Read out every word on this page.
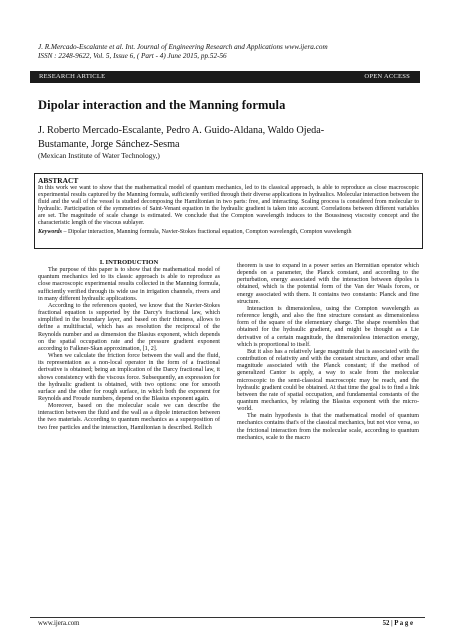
J. R.Mercado-Escalante et al. Int. Journal of Engineering Research and Applications www.ijera.com
ISSN : 2248-9622, Vol. 5, Issue 6, ( Part - 4) June 2015, pp.52-56
RESEARCH ARTICLE	OPEN ACCESS
Dipolar interaction and the Manning formula
J. Roberto Mercado-Escalante, Pedro A. Guido-Aldana, Waldo Ojeda-
Bustamante, Jorge Sánchez-Sesma
(Mexican Institute of Water Technology,)
ABSTRACT
In this work we want to show that the mathematical model of quantum mechanics, led to its classical approach, is able to reproduce as close macroscopic experimental results captured by the Manning formula, sufficiently verified through their diverse applications in hydraulics. Molecular interaction between the fluid and the wall of the vessel is studied decomposing the Hamiltonian in two parts: free, and interacting. Scaling process is considered from molecular to hydraulic. Participation of the symmetries of Saint-Venant equation in the hydraulic gradient is taken into account. Correlations between different variables are set. The magnitude of scale change is estimated. We conclude that the Compton wavelength induces to the Boussinesq viscosity concept and the characteristic length of the viscous sublayer.
Keywords – Dipolar interaction, Manning formula, Navier-Stokes fractional equation, Compton wavelength, Compton wavelength
I. INTRODUCTION

The purpose of this paper is to show that the mathematical model of quantum mechanics led to its classic approach is able to reproduce as close macroscopic experimental results collected in the Manning formula, sufficiently verified through its wide use in irrigation channels, rivers and in many different hydraulic applications.

According to the references quoted, we know that the Navier-Stokes fractional equation is supported by the Darcy's fractional law, which simplified in the boundary layer, and based on their thinness, allows to define a multifractal, which has as resolution the reciprocal of the Reynolds number and as dimension the Blasius exponent, which depends on the spatial occupation rate and the pressure gradient exponent according to Falkner-Skan approximation, [1, 2].

When we calculate the friction force between the wall and the fluid, its representation as a non-local operator in the form of a fractional derivative is obtained; being an implication of the Darcy fractional law, it shows consistency with the viscous force. Subsequently, an expression for the hydraulic gradient is obtained, with two options: one for smooth surface and the other for rough surface, in which both the exponent for Reynolds and Froude numbers, depend on the Blasius exponent again.

Moreover, based on the molecular scale we can describe the interaction between the fluid and the wall as a dipole interaction between the two materials. According to quantum mechanics as a superposition of two free particles and the interaction, Hamiltonian is described. Rellich

theorem is use to expand in a power series an Hermitian operator which depends on a parameter, the Planck constant, and according to the perturbation, energy associated with the interaction between dipoles is obtained, which is the potential form of the Van der Waals forces, or energy associated with them. It contains two constants: Planck and fine structure.

Interaction is dimensionless, using the Compton wavelength as reference length, and also the fine structure constant as dimensionless form of the square of the elementary charge. The shape resembles that obtained for the hydraulic gradient, and might be thought as a Lie derivative of a certain magnitude, the dimensionless interaction energy, which is proportional to itself.

But it also has a relatively large magnitude that is associated with the contribution of relativity and with the constant structure, and other small magnitude associated with the Planck constant; if the method of generalized Cantor is apply, a way to scale from the molecular microscopic to the semi-classical macroscopic may be reach, and the hydraulic gradient could be obtained. At that time the goal is to find a link between the rate of spatial occupation, and fundamental constants of the quantum mechanics, by relating the Blasius exponent with the micro-world.

The main hypothesis is that the mathematical model of quantum mechanics contains that's of the classical mechanics, but not vice versa, so the frictional interaction from the molecular scale, according to quantum mechanics, scale to the macro

www.ijera.com	52 | P a g e
